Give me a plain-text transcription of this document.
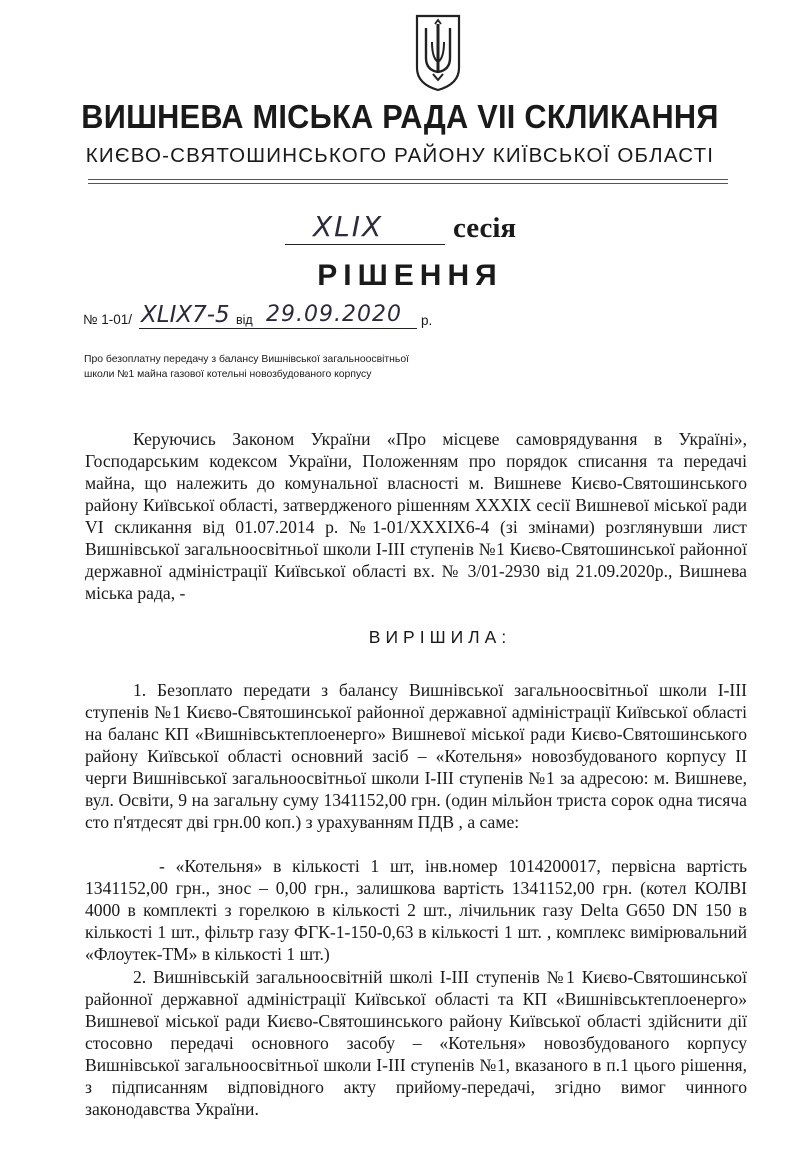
ВИШНЕВА МІСЬКА РАДА VII СКЛИКАННЯ
КИЄВО-СВЯТОШИНСЬКОГО РАЙОНУ КИЇВСЬКОЇ ОБЛАСТІ
XLIX сесія
РІШЕННЯ
№ 1-01/ XLIX7-5 від 29.09.2020 р.
Про безоплатну передачу з балансу Вишнівської загальноосвітньої школи №1 майна газової котельні новозбудованого корпусу
Керуючись Законом України «Про місцеве самоврядування в Україні», Господарським кодексом України, Положенням про порядок списання та передачі майна, що належить до комунальної власності м. Вишневе Києво-Святошинського району Київської області, затвердженого рішенням XXXIX сесії Вишневої міської ради VI скликання від 01.07.2014 р. №1-01/XXXIX6-4 (зі змінами) розглянувши лист Вишнівської загальноосвітньої школи І-ІІІ ступенів №1 Києво-Святошинської районної державної адміністрації Київської області вх. № 3/01-2930 від 21.09.2020р., Вишнева міська рада, -
ВИРІШИЛА:
1. Безоплато передати з балансу Вишнівської загальноосвітньої школи І-ІІІ ступенів №1 Києво-Святошинської районної державної адміністрації Київської області на баланс КП «Вишнівськтеплоенерго» Вишневої міської ради Києво-Святошинського району Київської області основний засіб – «Котельня» новозбудованого корпусу ІІ черги Вишнівської загальноосвітньої школи І-ІІІ ступенів №1 за адресою: м. Вишневе, вул. Освіти, 9 на загальну суму 1341152,00 грн. (один мільйон триста сорок одна тисяча сто п'ятдесят дві грн.00 коп.) з урахуванням ПДВ , а саме:
- «Котельня» в кількості 1 шт, інв.номер 1014200017, первісна вартість 1341152,00 грн., знос – 0,00 грн., залишкова вартість 1341152,00 грн. (котел КОЛВІ 4000 в комплекті з горелкою в кількості 2 шт., лічильник газу Delta G650 DN 150 в кількості 1 шт., фільтр газу ФГК-1-150-0,63 в кількості 1 шт. , комплекс вимірювальний «Флоутек-ТМ» в кількості 1 шт.)
2. Вишнівській загальноосвітній школі І-ІІІ ступенів №1 Києво-Святошинської районної державної адміністрації Київської області та КП «Вишнівськтеплоенерго» Вишневої міської ради Києво-Святошинського району Київської області здійснити дії стосовно передачі основного засобу – «Котельня» новозбудованого корпусу Вишнівської загальноосвітньої школи І-ІІІ ступенів №1, вказаного в п.1 цього рішення, з підписанням відповідного акту прийому-передачі, згідно вимог чинного законодавства України.
